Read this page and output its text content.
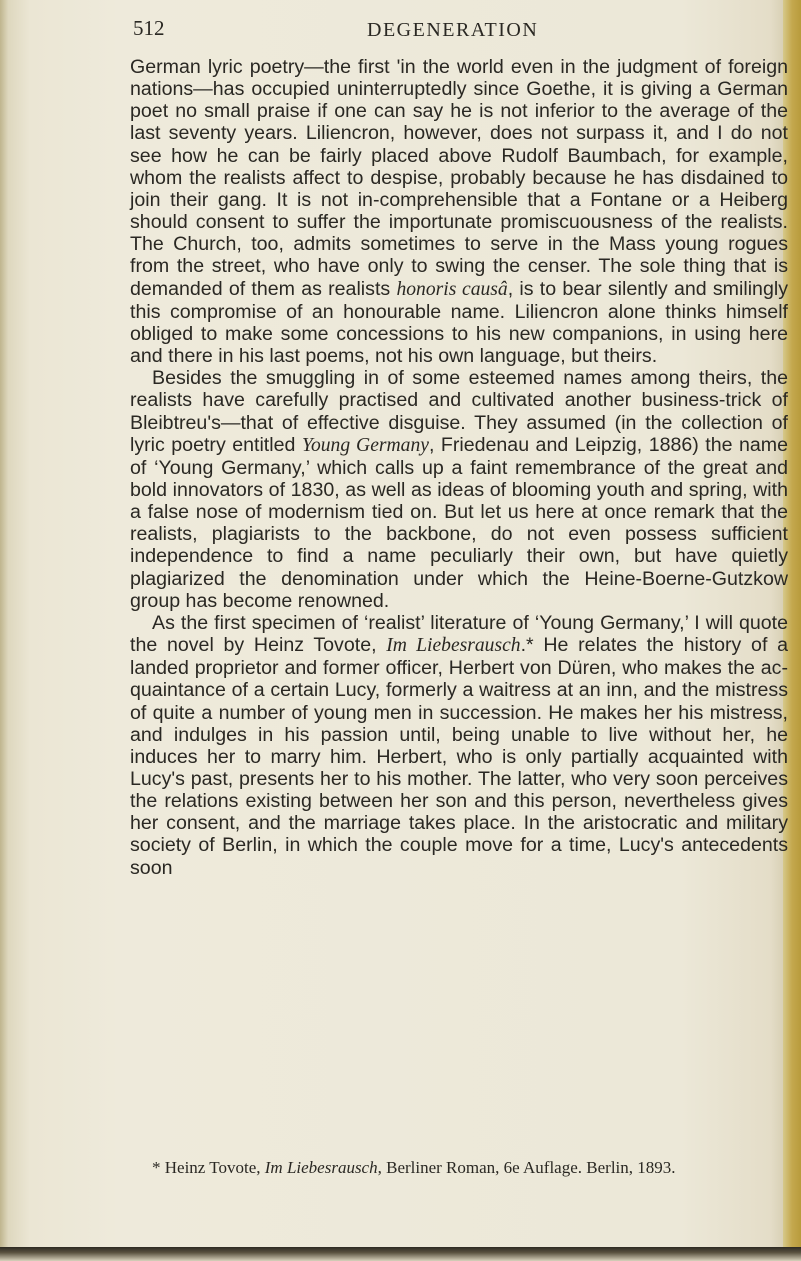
512	DEGENERATION

German lyric poetry—the first 'in the world even in the judgment of foreign nations—has occupied uninterruptedly since Goethe, it is giving a German poet no small praise if one can say he is not inferior to the average of the last seventy years. Liliencron, however, does not surpass it, and I do not see how he can be fairly placed above Rudolf Baumbach, for example, whom the realists affect to despise, probably because he has disdained to join their gang. It is not in-comprehensible that a Fontane or a Heiberg should consent to suffer the importunate promiscuousness of the realists. The Church, too, admits sometimes to serve in the Mass young rogues from the street, who have only to swing the censer. The sole thing that is demanded of them as realists honoris causâ, is to bear silently and smilingly this compromise of an honourable name. Liliencron alone thinks himself obliged to make some concessions to his new companions, in using here and there in his last poems, not his own language, but theirs.

Besides the smuggling in of some esteemed names among theirs, the realists have carefully practised and cultivated another business-trick of Bleibtreu's—that of effective disguise. They assumed (in the collection of lyric poetry entitled Young Germany, Friedenau and Leipzig, 1886) the name of ‘Young Germany,’ which calls up a faint remembrance of the great and bold innovators of 1830, as well as ideas of blooming youth and spring, with a false nose of modernism tied on. But let us here at once remark that the realists, plagiarists to the backbone, do not even possess sufficient independence to find a name peculiarly their own, but have quietly plagiarized the denomination under which the Heine-Boerne-Gutzkow group has become renowned.

As the first specimen of ‘realist’ literature of ‘Young Germany,’ I will quote the novel by Heinz Tovote, Im Liebesrausch.* He relates the history of a landed proprietor and former officer, Herbert von Düren, who makes the ac-quaintance of a certain Lucy, formerly a waitress at an inn, and the mistress of quite a number of young men in succession. He makes her his mistress, and indulges in his passion until, being unable to live without her, he induces her to marry him. Herbert, who is only partially acquainted with Lucy's past, presents her to his mother. The latter, who very soon perceives the relations existing between her son and this person, nevertheless gives her consent, and the marriage takes place. In the aristocratic and military society of Berlin, in which the couple move for a time, Lucy's antecedents soon

* Heinz Tovote, Im Liebesrausch, Berliner Roman, 6e Auflage. Berlin, 1893.
